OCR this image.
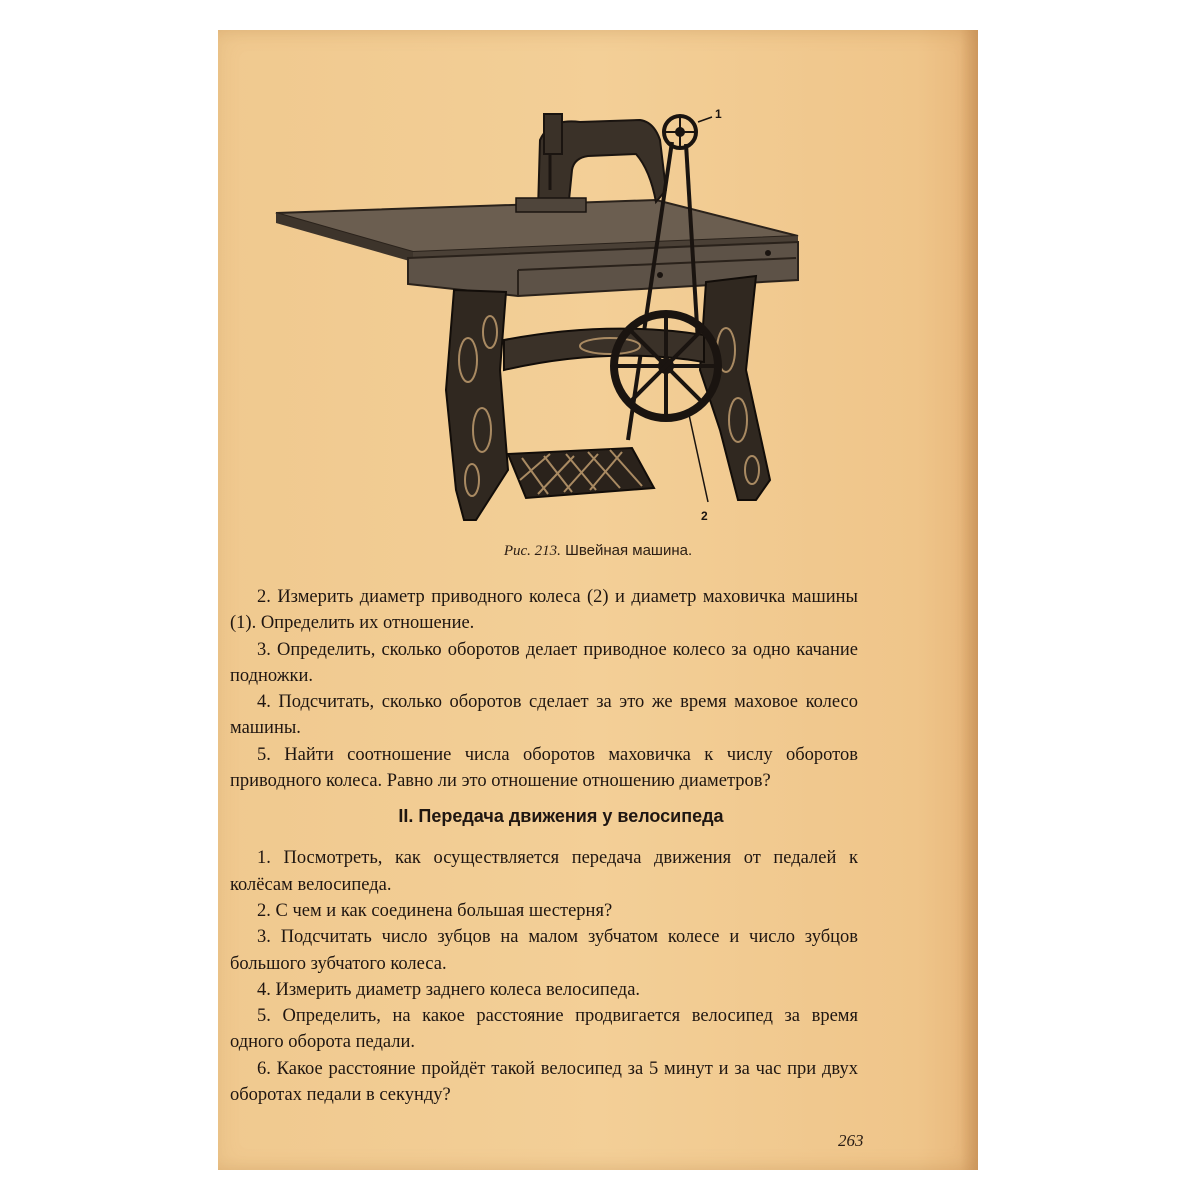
1
2
Рис. 213. Швейная машина.

2. Измерить диаметр приводного колеса (2) и диаметр маховичка машины (1). Определить их отношение.

3. Определить, сколько оборотов делает приводное колесо за одно качание подножки.

4. Подсчитать, сколько оборотов сделает за это же время маховое колесо машины.

5. Найти соотношение числа оборотов маховичка к числу оборотов приводного колеса. Равно ли это отношение отношению диаметров?

II. Передача движения у велосипеда

1. Посмотреть, как осуществляется передача движения от педалей к колёсам велосипеда.

2. С чем и как соединена большая шестерня?

3. Подсчитать число зубцов на малом зубчатом колесе и число зубцов большого зубчатого колеса.

4. Измерить диаметр заднего колеса велосипеда.

5. Определить, на какое расстояние продвигается велосипед за время одного оборота педали.

6. Какое расстояние пройдёт такой велосипед за 5 минут и за час при двух оборотах педали в секунду?

263
